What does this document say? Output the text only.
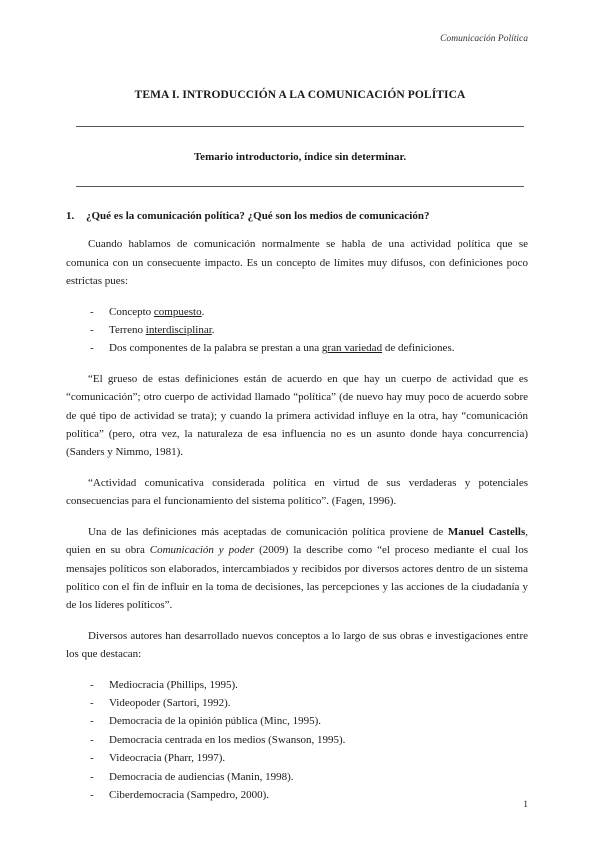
Comunicación Política
TEMA I. INTRODUCCIÓN A LA COMUNICACIÓN POLÍTICA
Temario introductorio, índice sin determinar.
1. ¿Qué es la comunicación política? ¿Qué son los medios de comunicación?

Cuando hablamos de comunicación normalmente se habla de una actividad política que se comunica con un consecuente impacto. Es un concepto de límites muy difusos, con definiciones poco estrictas pues:

- Concepto compuesto.
- Terreno interdisciplinar.
- Dos componentes de la palabra se prestan a una gran variedad de definiciones.

“El grueso de estas definiciones están de acuerdo en que hay un cuerpo de actividad que es “comunicación”; otro cuerpo de actividad llamado “política” (de nuevo hay muy poco de acuerdo sobre de qué tipo de actividad se trata); y cuando la primera actividad influye en la otra, hay “comunicación política” (pero, otra vez, la naturaleza de esa influencia no es un asunto donde haya concurrencia) (Sanders y Nimmo, 1981).

“Actividad comunicativa considerada política en virtud de sus verdaderas y potenciales consecuencias para el funcionamiento del sistema político”. (Fagen, 1996).

Una de las definiciones más aceptadas de comunicación política proviene de Manuel Castells, quien en su obra Comunicación y poder (2009) la describe como “el proceso mediante el cual los mensajes políticos son elaborados, intercambiados y recibidos por diversos actores dentro de un sistema político con el fin de influir en la toma de decisiones, las percepciones y las acciones de la ciudadanía y de los líderes políticos”.

Diversos autores han desarrollado nuevos conceptos a lo largo de sus obras e investigaciones entre los que destacan:

- Mediocracia (Phillips, 1995).
- Videopoder (Sartori, 1992).
- Democracia de la opinión pública (Minc, 1995).
- Democracia centrada en los medios (Swanson, 1995).
- Videocracia (Pharr, 1997).
- Democracia de audiencias (Manin, 1998).
- Ciberdemocracia (Sampedro, 2000).
1
